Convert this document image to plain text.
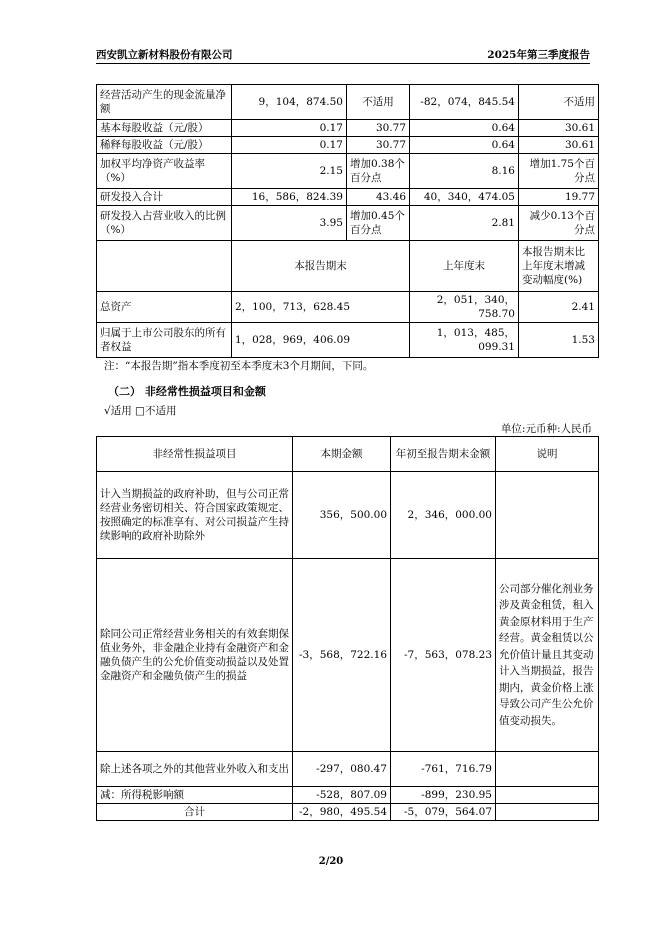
西安凯立新材料股份有限公司	2025年第三季度报告
经营活动产生的现金流量净额	9，104，874.50	不适用	-82，074，845.54	不适用
基本每股收益（元/股）	0.17	30.77	0.64	30.61
稀释每股收益（元/股）	0.17	30.77	0.64	30.61
加权平均净资产收益率（%）	2.15	增加0.38个百分点	8.16	增加1.75个百分点
研发投入合计	16，586，824.39	43.46	40，340，474.05	19.77
研发投入占营业收入的比例（%）	3.95	增加0.45个百分点	2.81	减少0.13个百分点
	本报告期末		上年度末	本报告期末比上年度末增减变动幅度(%)
总资产	2，100，713，628.45		2，051，340，758.70	2.41
归属于上市公司股东的所有者权益	1，028，969，406.09		1，013，485，099.31	1.53
注：“本报告期”指本季度初至本季度末3个月期间，下同。
（二） 非经常性损益项目和金额
√适用 □不适用
单位:元币种:人民币
非经常性损益项目	本期金额	年初至报告期末金额	说明
计入当期损益的政府补助，但与公司正常经营业务密切相关、符合国家政策规定、按照确定的标准享有、对公司损益产生持续影响的政府补助除外	356，500.00	2，346，000.00	
除同公司正常经营业务相关的有效套期保值业务外，非金融企业持有金融资产和金融负债产生的公允价值变动损益以及处置金融资产和金融负债产生的损益	-3，568，722.16	-7，563，078.23	公司部分催化剂业务涉及黄金租赁，租入黄金原材料用于生产经营。黄金租赁以公允价值计量且其变动计入当期损益，报告期内，黄金价格上涨导致公司产生公允价值变动损失。
除上述各项之外的其他营业外收入和支出	-297，080.47	-761，716.79	
减：所得税影响额	-528，807.09	-899，230.95	
合计	-2，980，495.54	-5，079，564.07	
2/20
